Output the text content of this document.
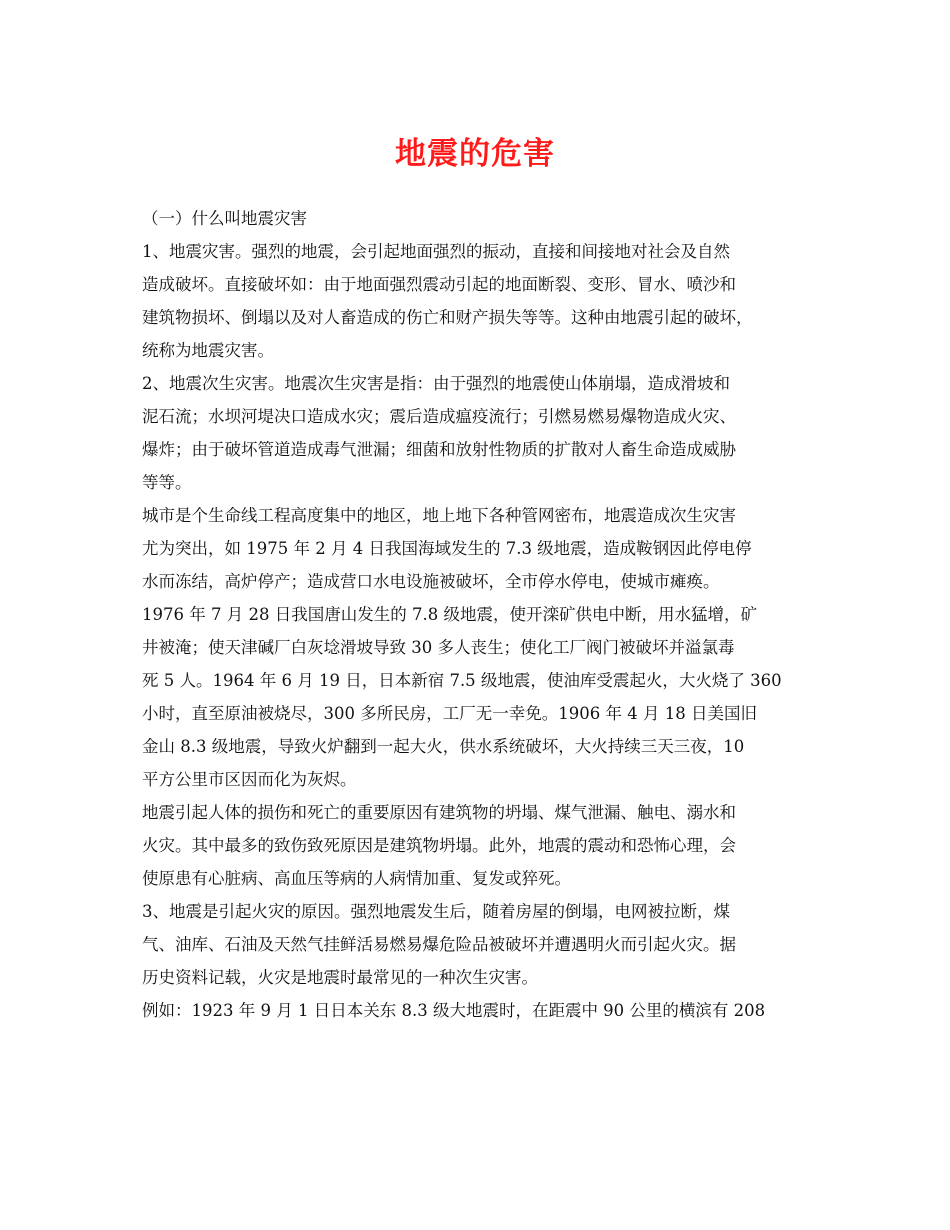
地震的危害
（一）什么叫地震灾害
1、地震灾害。强烈的地震，会引起地面强烈的振动，直接和间接地对社会及自然
造成破坏。直接破坏如：由于地面强烈震动引起的地面断裂、变形、冒水、喷沙和
建筑物损坏、倒塌以及对人畜造成的伤亡和财产损失等等。这种由地震引起的破坏，
统称为地震灾害。
2、地震次生灾害。地震次生灾害是指：由于强烈的地震使山体崩塌，造成滑坡和
泥石流；水坝河堤决口造成水灾；震后造成瘟疫流行；引燃易燃易爆物造成火灾、
爆炸；由于破坏管道造成毒气泄漏；细菌和放射性物质的扩散对人畜生命造成威胁
等等。
城市是个生命线工程高度集中的地区，地上地下各种管网密布，地震造成次生灾害
尤为突出，如 1975 年 2 月 4 日我国海域发生的 7.3 级地震，造成鞍钢因此停电停
水而冻结，高炉停产；造成营口水电设施被破坏，全市停水停电，使城市瘫痪。
1976 年 7 月 28 日我国唐山发生的 7.8 级地震，使开滦矿供电中断，用水猛增，矿
井被淹；使天津碱厂白灰埝滑坡导致 30 多人丧生；使化工厂阀门被破坏并溢氯毒
死 5 人。1964 年 6 月 19 日，日本新宿 7.5 级地震，使油库受震起火，大火烧了 360
小时，直至原油被烧尽，300 多所民房，工厂无一幸免。1906 年 4 月 18 日美国旧
金山 8.3 级地震，导致火炉翻到一起大火，供水系统破坏，大火持续三天三夜，10
平方公里市区因而化为灰烬。
地震引起人体的损伤和死亡的重要原因有建筑物的坍塌、煤气泄漏、触电、溺水和
火灾。其中最多的致伤致死原因是建筑物坍塌。此外，地震的震动和恐怖心理，会
使原患有心脏病、高血压等病的人病情加重、复发或猝死。
3、地震是引起火灾的原因。强烈地震发生后，随着房屋的倒塌，电网被拉断，煤
气、油库、石油及天然气挂鲜活易燃易爆危险品被破坏并遭遇明火而引起火灾。据
历史资料记载，火灾是地震时最常见的一种次生灾害。
例如：1923 年 9 月 1 日日本关东 8.3 级大地震时，在距震中 90 公里的横滨有 208
